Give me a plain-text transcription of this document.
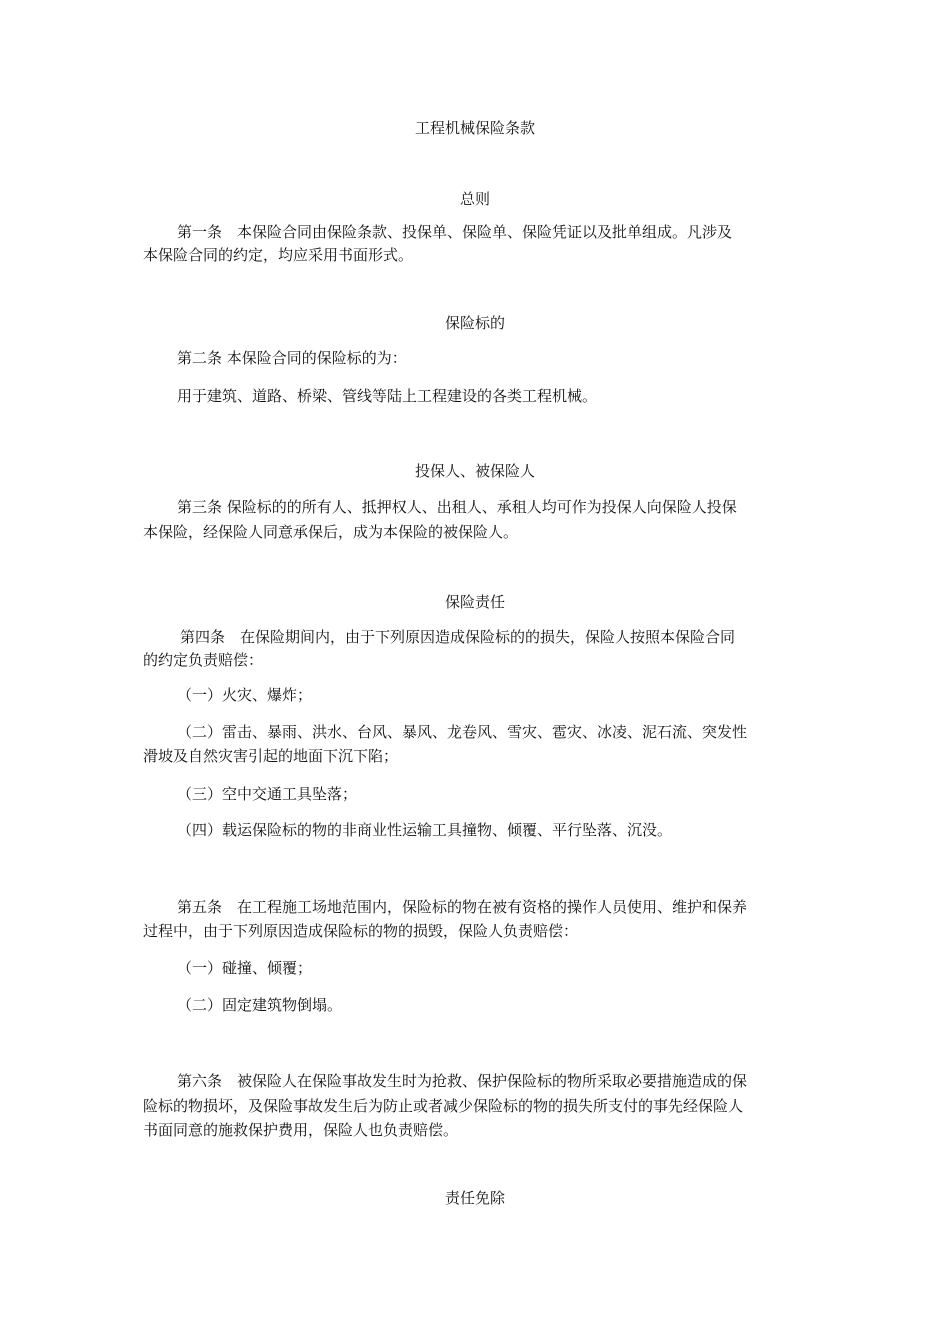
工程机械保险条款
总则
第一条　本保险合同由保险条款、投保单、保险单、保险凭证以及批单组成。凡涉及
本保险合同的约定，均应采用书面形式。
保险标的
第二条 本保险合同的保险标的为：
用于建筑、道路、桥梁、管线等陆上工程建设的各类工程机械。
投保人、被保险人
第三条 保险标的的所有人、抵押权人、出租人、承租人均可作为投保人向保险人投保
本保险，经保险人同意承保后，成为本保险的被保险人。
保险责任
第四条　在保险期间内，由于下列原因造成保险标的的损失，保险人按照本保险合同
的约定负责赔偿：
（一）火灾、爆炸；
（二）雷击、暴雨、洪水、台风、暴风、龙卷风、雪灾、雹灾、冰凌、泥石流、突发性
滑坡及自然灾害引起的地面下沉下陷；
（三）空中交通工具坠落；
（四）载运保险标的物的非商业性运输工具撞物、倾覆、平行坠落、沉没。
第五条　在工程施工场地范围内，保险标的物在被有资格的操作人员使用、维护和保养
过程中，由于下列原因造成保险标的物的损毁，保险人负责赔偿：
（一）碰撞、倾覆；
（二）固定建筑物倒塌。
第六条　被保险人在保险事故发生时为抢救、保护保险标的物所采取必要措施造成的保
险标的物损坏，及保险事故发生后为防止或者减少保险标的物的损失所支付的事先经保险人
书面同意的施救保护费用，保险人也负责赔偿。
责任免除
